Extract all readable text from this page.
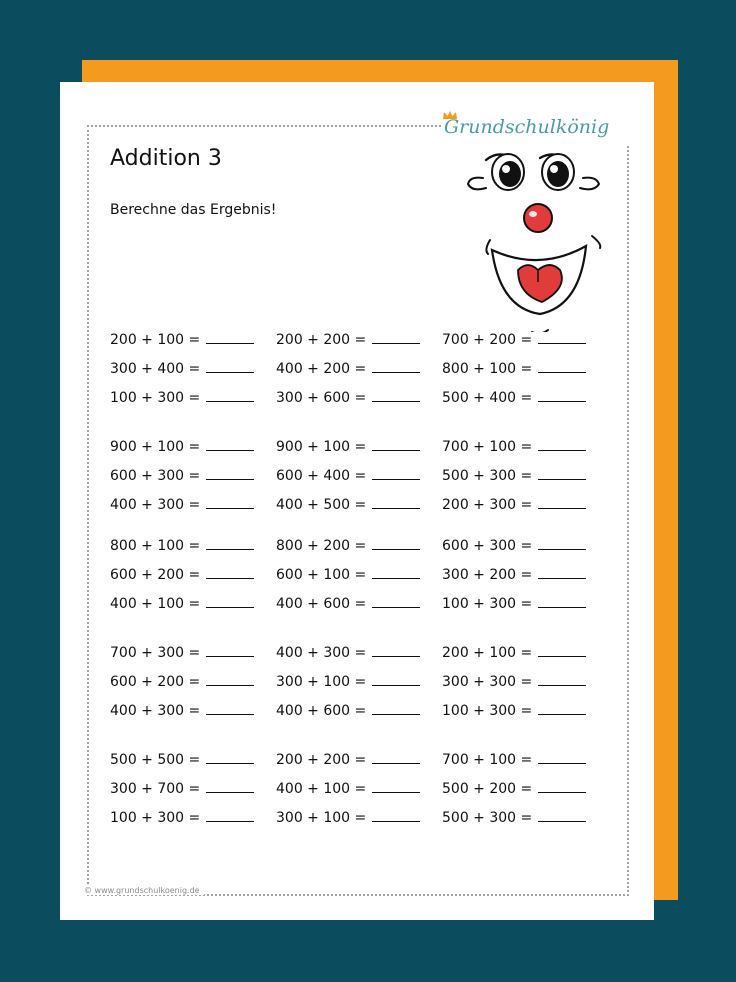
Grundschulkönig
Addition 3
Berechne das Ergebnis!
200 + 100 =	200 + 200 =	700 + 200 =
300 + 400 =	400 + 200 =	800 + 100 =
100 + 300 =	300 + 600 =	500 + 400 =
900 + 100 =	900 + 100 =	700 + 100 =
600 + 300 =	600 + 400 =	500 + 300 =
400 + 300 =	400 + 500 =	200 + 300 =
800 + 100 =	800 + 200 =	600 + 300 =
600 + 200 =	600 + 100 =	300 + 200 =
400 + 100 =	400 + 600 =	100 + 300 =
700 + 300 =	400 + 300 =	200 + 100 =
600 + 200 =	300 + 100 =	300 + 300 =
400 + 300 =	400 + 600 =	100 + 300 =
500 + 500 =	200 + 200 =	700 + 100 =
300 + 700 =	400 + 100 =	500 + 200 =
100 + 300 =	300 + 100 =	500 + 300 =
© www.grundschulkoenig.de
